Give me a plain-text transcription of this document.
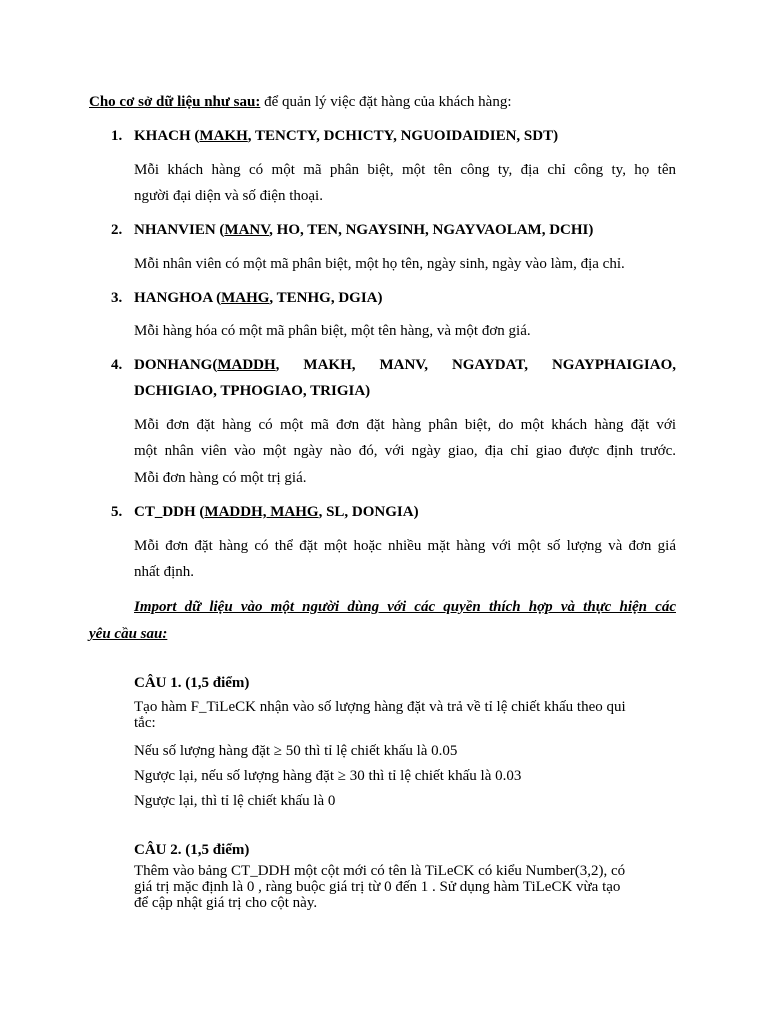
Cho cơ sở dữ liệu như sau: để quản lý việc đặt hàng của khách hàng:
1. KHACH (MAKH, TENCTY, DCHICTY, NGUOIDAIDIEN, SDT)
Mỗi khách hàng có một mã phân biệt, một tên công ty, địa chỉ công ty, họ tên
người đại diện và số điện thoại.
2. NHANVIEN (MANV, HO, TEN, NGAYSINH, NGAYVAOLAM, DCHI)
Mỗi nhân viên có một mã phân biệt, một họ tên, ngày sinh, ngày vào làm, địa chỉ.
3. HANGHOA (MAHG, TENHG, DGIA)
Mỗi hàng hóa có một mã phân biệt, một tên hàng, và một đơn giá.
4. DONHANG(MADDH, MAKH, MANV, NGAYDAT, NGAYPHAIGIAO,
DCHIGIAO, TPHOGIAO, TRIGIA)
Mỗi đơn đặt hàng có một mã đơn đặt hàng phân biệt, do một khách hàng đặt với
một nhân viên vào một ngày nào đó, với ngày giao, địa chỉ giao được định trước.
Mỗi đơn hàng có một trị giá.
5. CT_DDH (MADDH, MAHG, SL, DONGIA)
Mỗi đơn đặt hàng có thể đặt một hoặc nhiều mặt hàng với một số lượng và đơn giá
nhất định.
Import dữ liệu vào một người dùng với các quyền thích hợp và thực hiện các
yêu cầu sau:
CÂU 1. (1,5 điểm)
Tạo hàm F_TiLeCK nhận vào số lượng hàng đặt và trả về tỉ lệ chiết khấu theo qui
tắc:
Nếu số lượng hàng đặt ≥ 50 thì tỉ lệ chiết khấu là 0.05
Ngược lại, nếu số lượng hàng đặt ≥ 30 thì tỉ lệ chiết khấu là 0.03
Ngược lại, thì tỉ lệ chiết khấu là 0
CÂU 2. (1,5 điểm)
Thêm vào bảng CT_DDH một cột mới có tên là TiLeCK có kiểu Number(3,2), có
giá trị mặc định là 0 , ràng buộc giá trị từ 0 đến 1 . Sử dụng hàm TiLeCK vừa tạo
để cập nhật giá trị cho cột này.
